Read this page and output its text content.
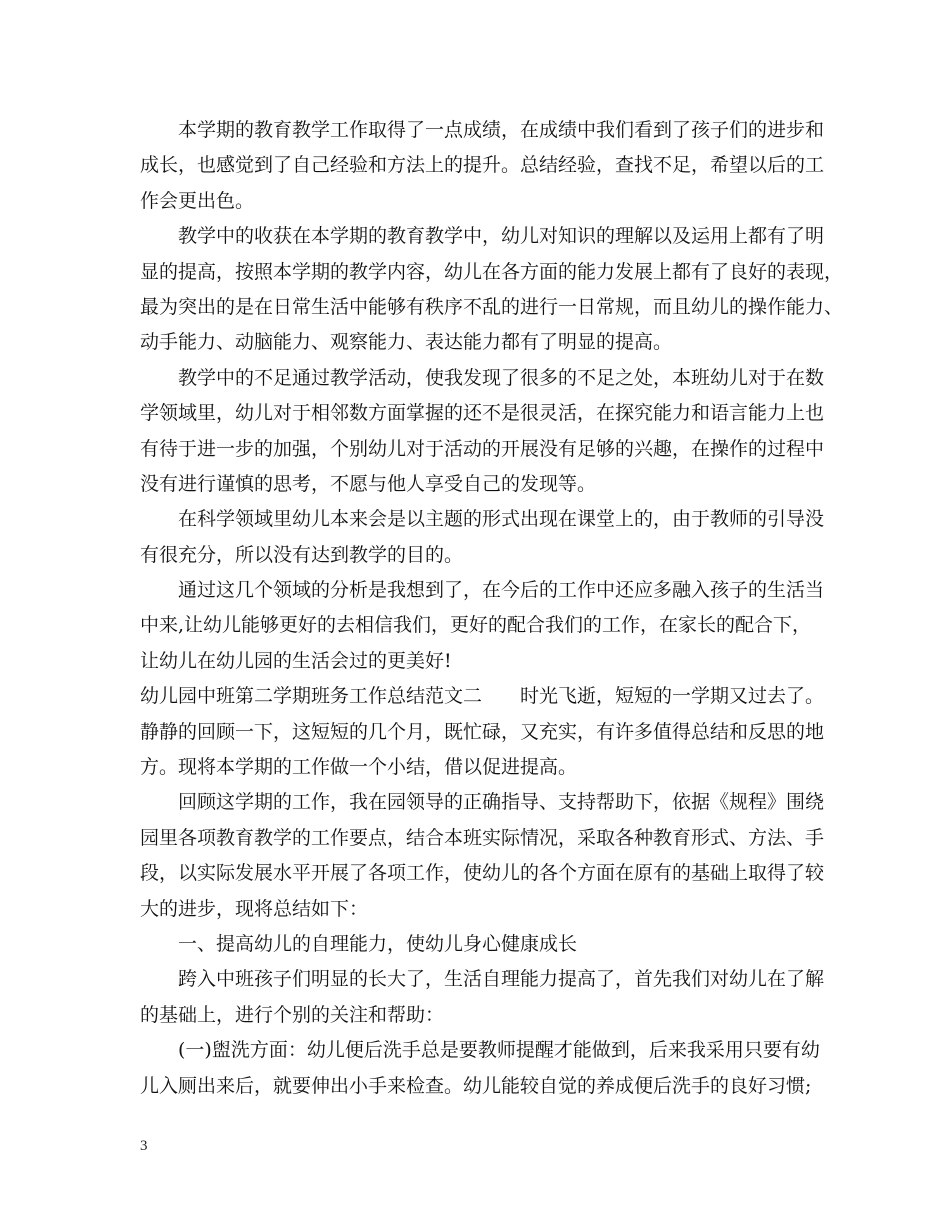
本学期的教育教学工作取得了一点成绩，在成绩中我们看到了孩子们的进步和
成长，也感觉到了自己经验和方法上的提升。总结经验，查找不足，希望以后的工
作会更出色。
教学中的收获在本学期的教育教学中，幼儿对知识的理解以及运用上都有了明
显的提高，按照本学期的教学内容，幼儿在各方面的能力发展上都有了良好的表现，
最为突出的是在日常生活中能够有秩序不乱的进行一日常规，而且幼儿的操作能力、
动手能力、动脑能力、观察能力、表达能力都有了明显的提高。
教学中的不足通过教学活动，使我发现了很多的不足之处，本班幼儿对于在数
学领域里，幼儿对于相邻数方面掌握的还不是很灵活，在探究能力和语言能力上也
有待于进一步的加强，个别幼儿对于活动的开展没有足够的兴趣，在操作的过程中
没有进行谨慎的思考，不愿与他人享受自己的发现等。
在科学领域里幼儿本来会是以主题的形式出现在课堂上的，由于教师的引导没
有很充分，所以没有达到教学的目的。
通过这几个领域的分析是我想到了，在今后的工作中还应多融入孩子的生活当
中来,让幼儿能够更好的去相信我们，更好的配合我们的工作，在家长的配合下，
让幼儿在幼儿园的生活会过的更美好!
幼儿园中班第二学期班务工作总结范文二　　时光飞逝，短短的一学期又过去了。
静静的回顾一下，这短短的几个月，既忙碌，又充实，有许多值得总结和反思的地
方。现将本学期的工作做一个小结，借以促进提高。
回顾这学期的工作，我在园领导的正确指导、支持帮助下，依据《规程》围绕
园里各项教育教学的工作要点，结合本班实际情况，采取各种教育形式、方法、手
段，以实际发展水平开展了各项工作，使幼儿的各个方面在原有的基础上取得了较
大的进步，现将总结如下：
一、提高幼儿的自理能力，使幼儿身心健康成长
跨入中班孩子们明显的长大了，生活自理能力提高了，首先我们对幼儿在了解
的基础上，进行个别的关注和帮助：
(一)盥洗方面：幼儿便后洗手总是要教师提醒才能做到，后来我采用只要有幼
儿入厕出来后，就要伸出小手来检查。幼儿能较自觉的养成便后洗手的良好习惯;
3
